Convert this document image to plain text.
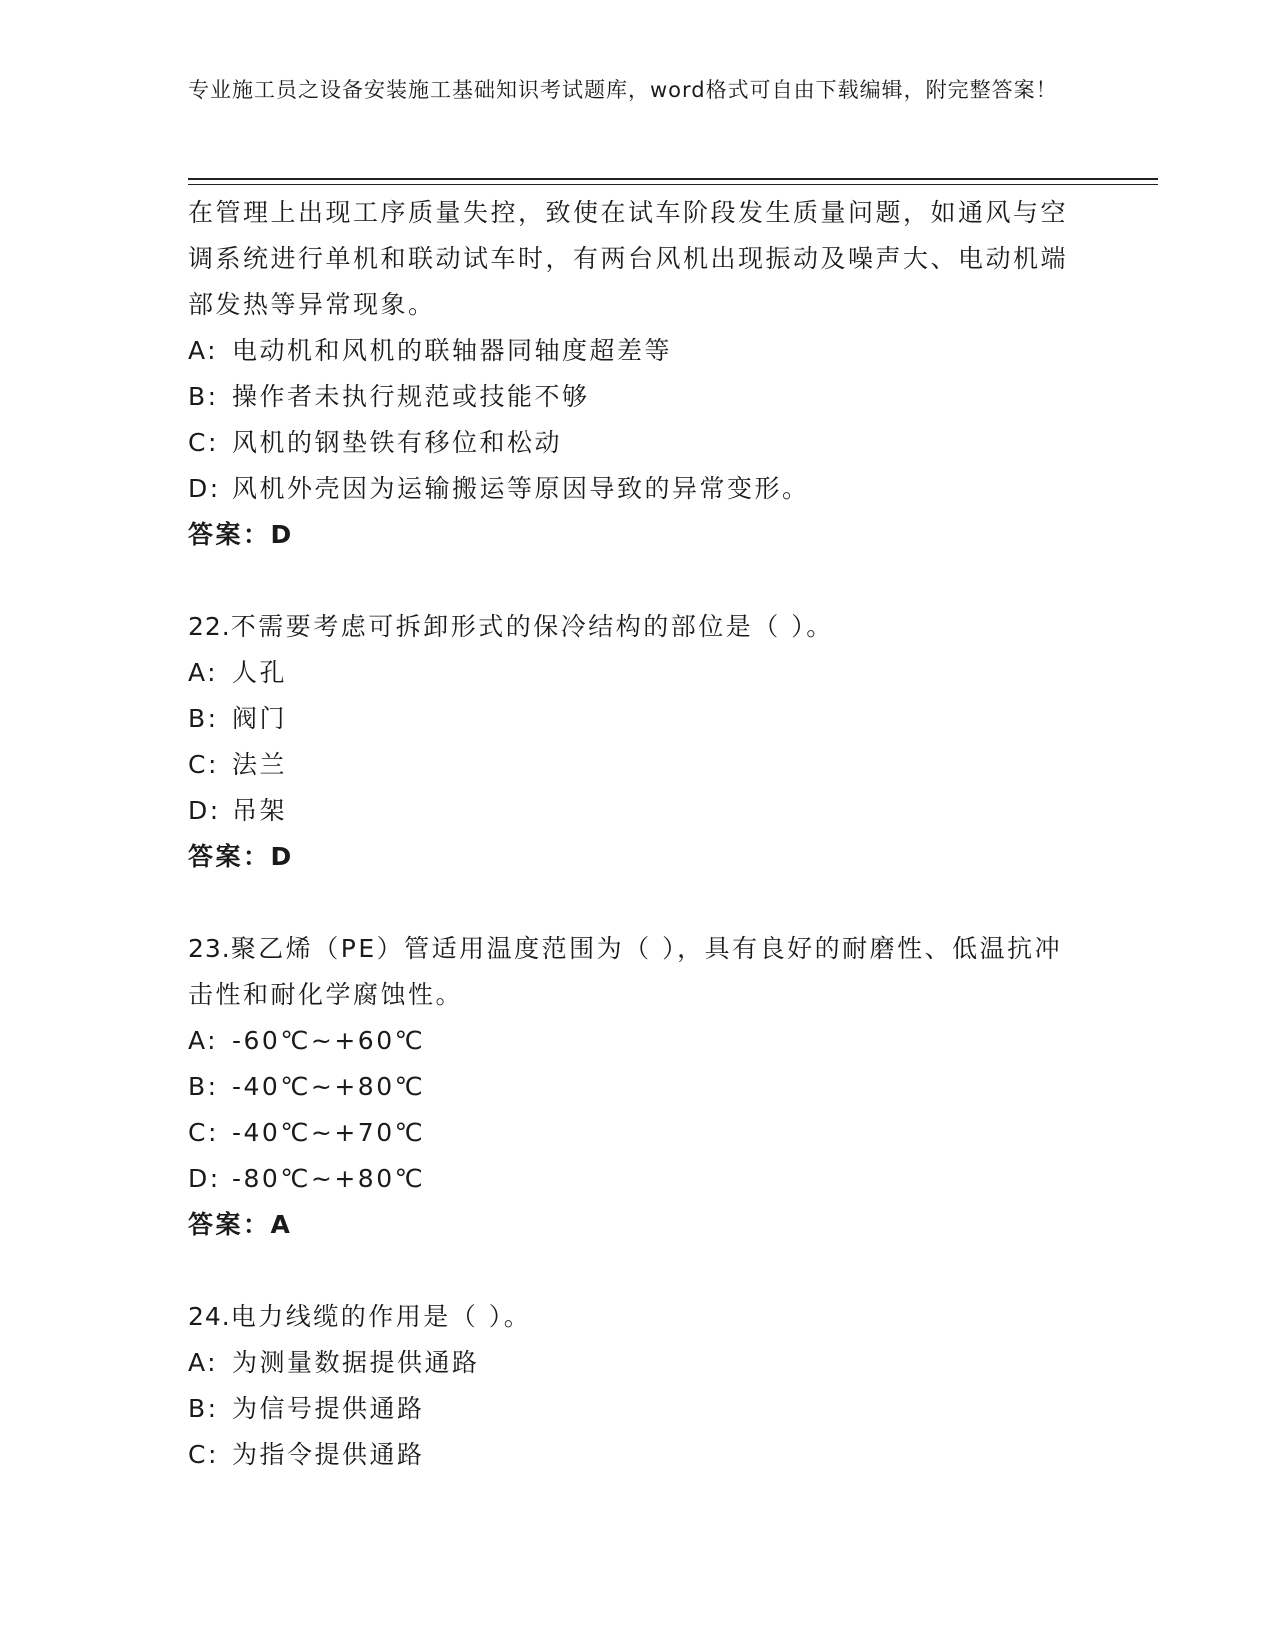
专业施工员之设备安装施工基础知识考试题库，word格式可自由下载编辑，附完整答案！
在管理上出现工序质量失控，致使在试车阶段发生质量问题，如通风与空调系统进行单机和联动试车时，有两台风机出现振动及噪声大、电动机端部发热等异常现象。
A: 电动机和风机的联轴器同轴度超差等
B: 操作者未执行规范或技能不够
C: 风机的钢垫铁有移位和松动
D: 风机外壳因为运输搬运等原因导致的异常变形。
答案：D
22.不需要考虑可拆卸形式的保冷结构的部位是（ ）。
A: 人孔
B: 阀门
C: 法兰
D: 吊架
答案：D
23.聚乙烯（PE）管适用温度范围为（ ），具有良好的耐磨性、低温抗冲击性和耐化学腐蚀性。
A: -60℃~+60℃
B: -40℃~+80℃
C: -40℃~+70℃
D: -80℃~+80℃
答案：A
24.电力线缆的作用是（ ）。
A: 为测量数据提供通路
B: 为信号提供通路
C: 为指令提供通路
